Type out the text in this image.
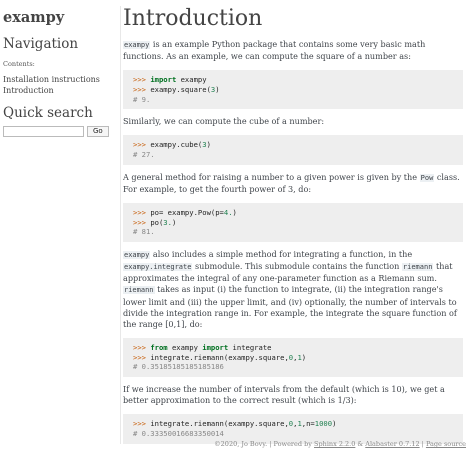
exampy
Navigation
Contents:
Installation instructions
Introduction
Quick search
Go
Introduction

exampy is an example Python package that contains some very basic math functions. As an example, we can compute the square of a number as:

>>> import exampy
>>> exampy.square(3)
# 9.

Similarly, we can compute the cube of a number:

>>> exampy.cube(3)
# 27.

A general method for raising a number to a given power is given by the Pow class. For example, to get the fourth power of 3, do:

>>> po= exampy.Pow(p=4.)
>>> po(3.)
# 81.

exampy also includes a simple method for integrating a function, in the exampy.integrate submodule. This submodule contains the function riemann that approximates the integral of any one-parameter function as a Riemann sum. riemann takes as input (i) the function to integrate, (ii) the integration range's lower limit and (iii) the upper limit, and (iv) optionally, the number of intervals to divide the integration range in. For example, the integrate the square function of the range [0,1], do:

>>> from exampy import integrate
>>> integrate.riemann(exampy.square,0,1)
# 0.35185185185185186

If we increase the number of intervals from the default (which is 10), we get a better approximation to the correct result (which is 1/3):

>>> integrate.riemann(exampy.square,0,1,n=1000)
# 0.33350016683350014
©2020, Jo Bovy. | Powered by Sphinx 2.2.0 & Alabaster 0.7.12 | Page source
